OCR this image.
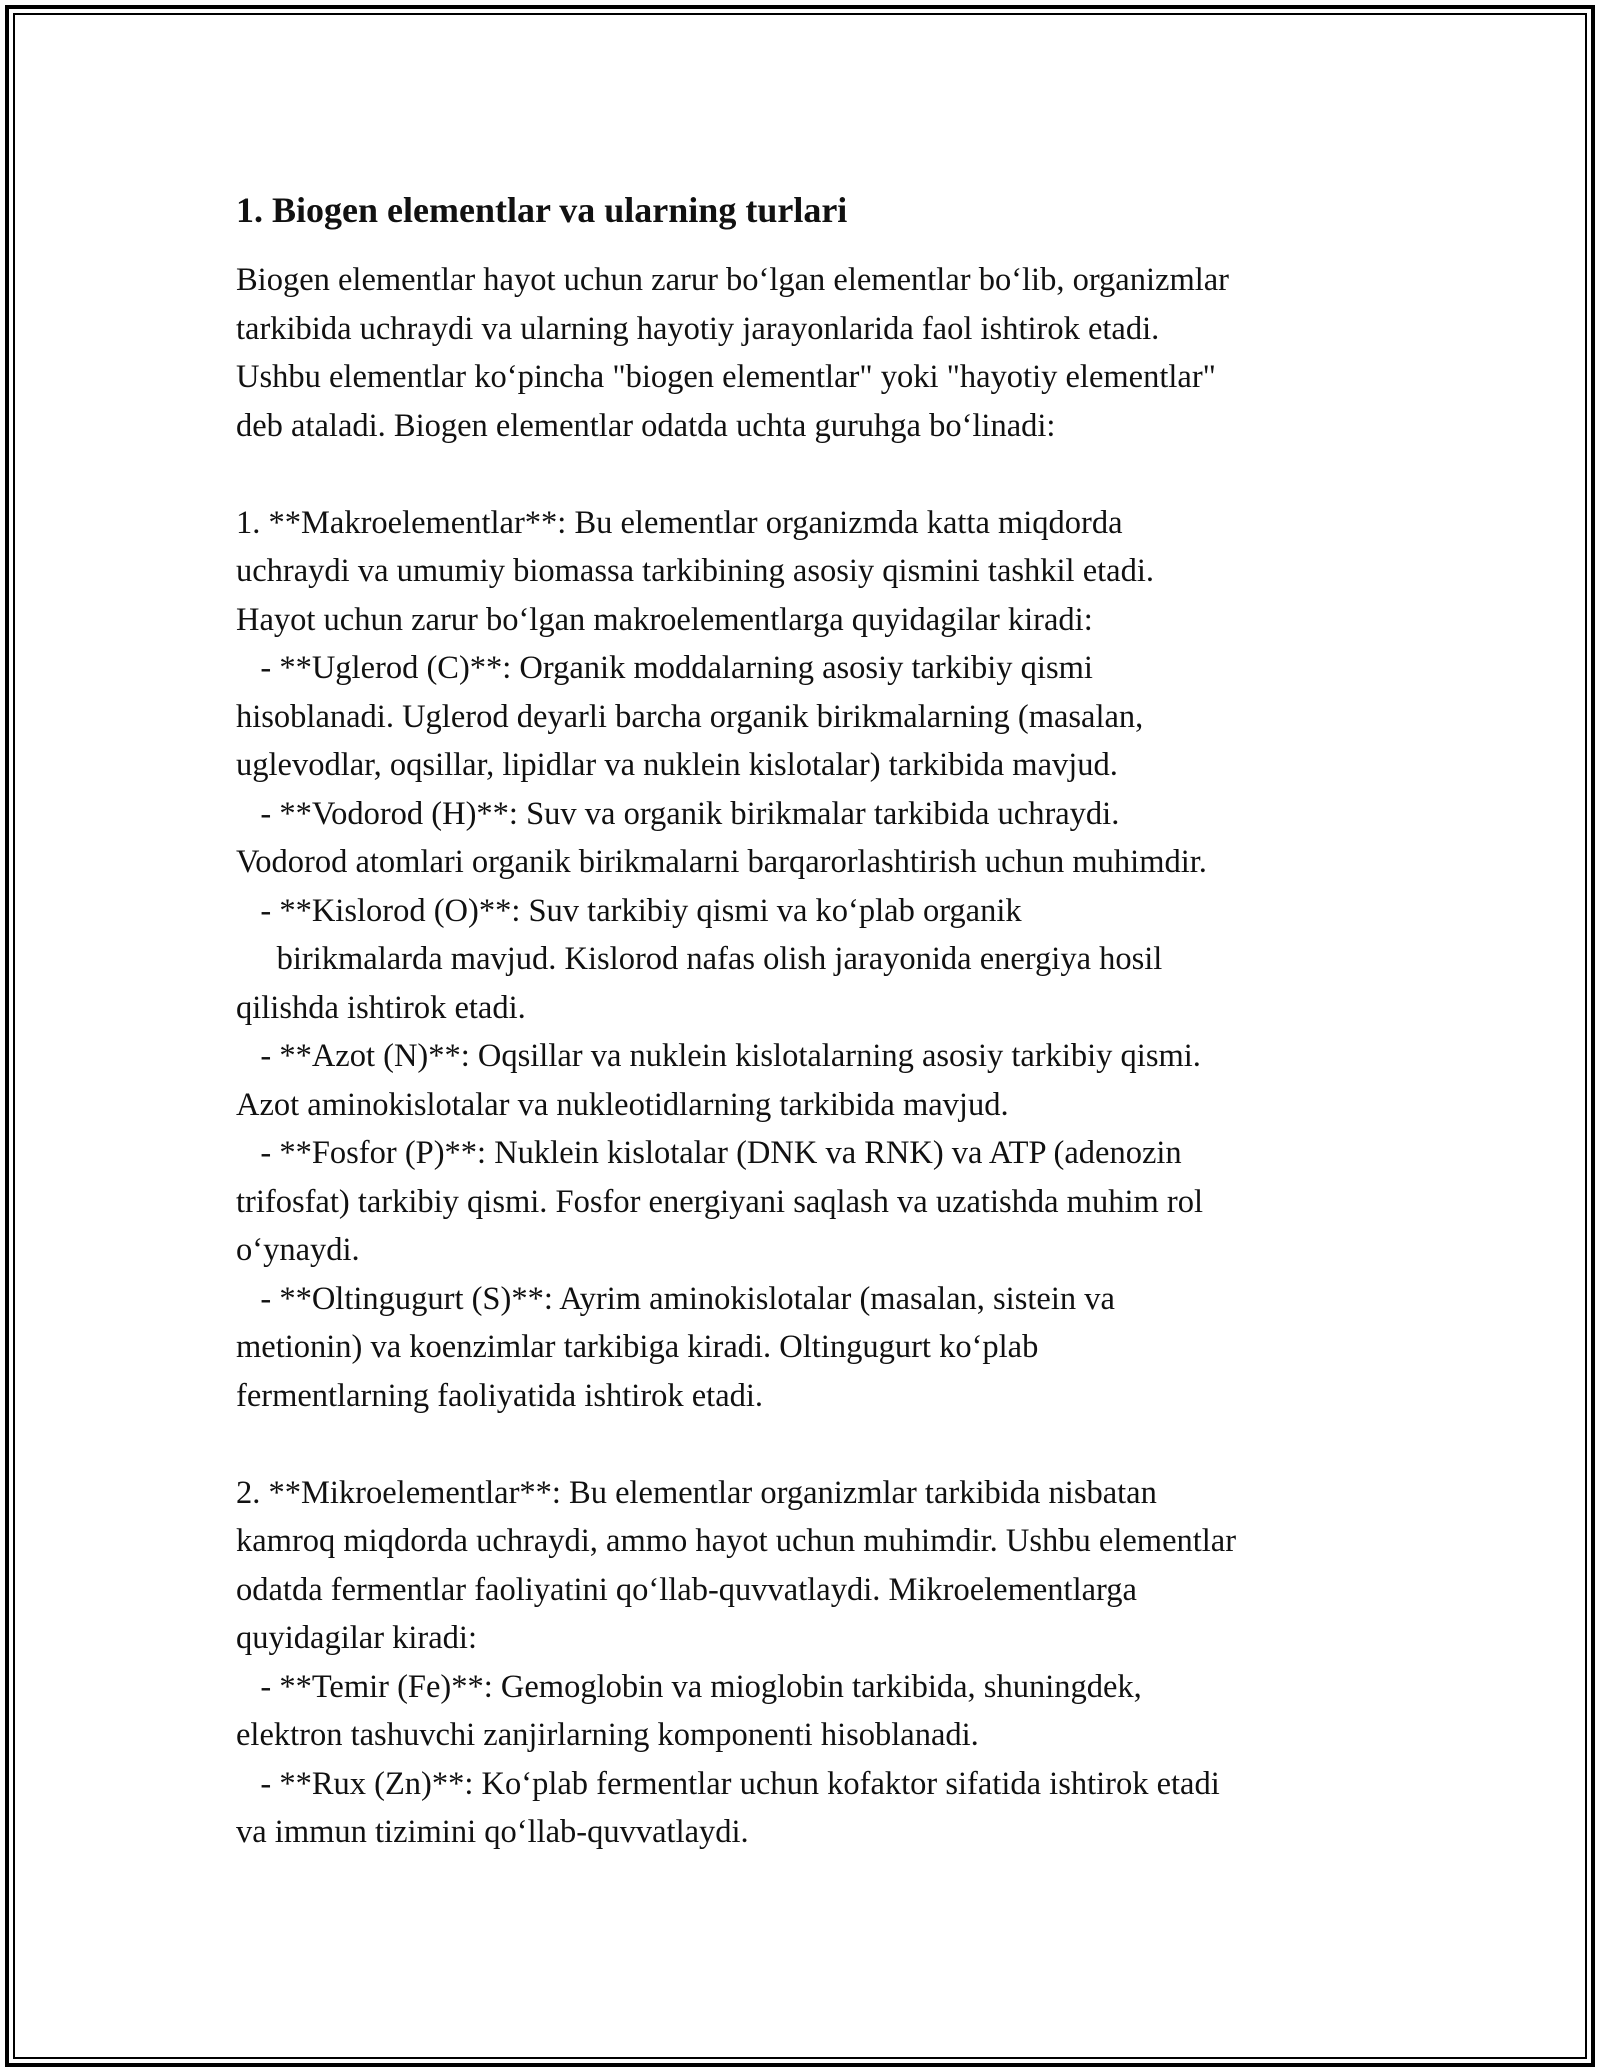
1. Biogen elementlar va ularning turlari
Biogen elementlar hayot uchun zarur boʻlgan elementlar boʻlib, organizmlar
tarkibida uchraydi va ularning hayotiy jarayonlarida faol ishtirok etadi.
Ushbu elementlar koʻpincha "biogen elementlar" yoki "hayotiy elementlar"
deb ataladi. Biogen elementlar odatda uchta guruhga boʻlinadi:
1. **Makroelementlar**: Bu elementlar organizmda katta miqdorda
uchraydi va umumiy biomassa tarkibining asosiy qismini tashkil etadi.
Hayot uchun zarur boʻlgan makroelementlarga quyidagilar kiradi:
- **Uglerod (C)**: Organik moddalarning asosiy tarkibiy qismi
hisoblanadi. Uglerod deyarli barcha organik birikmalarning (masalan,
uglevodlar, oqsillar, lipidlar va nuklein kislotalar) tarkibida mavjud.
- **Vodorod (H)**: Suv va organik birikmalar tarkibida uchraydi.
Vodorod atomlari organik birikmalarni barqarorlashtirish uchun muhimdir.
- **Kislorod (O)**: Suv tarkibiy qismi va koʻplab organik
birikmalarda mavjud. Kislorod nafas olish jarayonida energiya hosil
qilishda ishtirok etadi.
- **Azot (N)**: Oqsillar va nuklein kislotalarning asosiy tarkibiy qismi.
Azot aminokislotalar va nukleotidlarning tarkibida mavjud.
- **Fosfor (P)**: Nuklein kislotalar (DNK va RNK) va ATP (adenozin
trifosfat) tarkibiy qismi. Fosfor energiyani saqlash va uzatishda muhim rol
oʻynaydi.
- **Oltingugurt (S)**: Ayrim aminokislotalar (masalan, sistein va
metionin) va koenzimlar tarkibiga kiradi. Oltingugurt koʻplab
fermentlarning faoliyatida ishtirok etadi.
2. **Mikroelementlar**: Bu elementlar organizmlar tarkibida nisbatan
kamroq miqdorda uchraydi, ammo hayot uchun muhimdir. Ushbu elementlar
odatda fermentlar faoliyatini qoʻllab-quvvatlaydi. Mikroelementlarga
quyidagilar kiradi:
- **Temir (Fe)**: Gemoglobin va mioglobin tarkibida, shuningdek,
elektron tashuvchi zanjirlarning komponenti hisoblanadi.
- **Rux (Zn)**: Koʻplab fermentlar uchun kofaktor sifatida ishtirok etadi
va immun tizimini qoʻllab-quvvatlaydi.
